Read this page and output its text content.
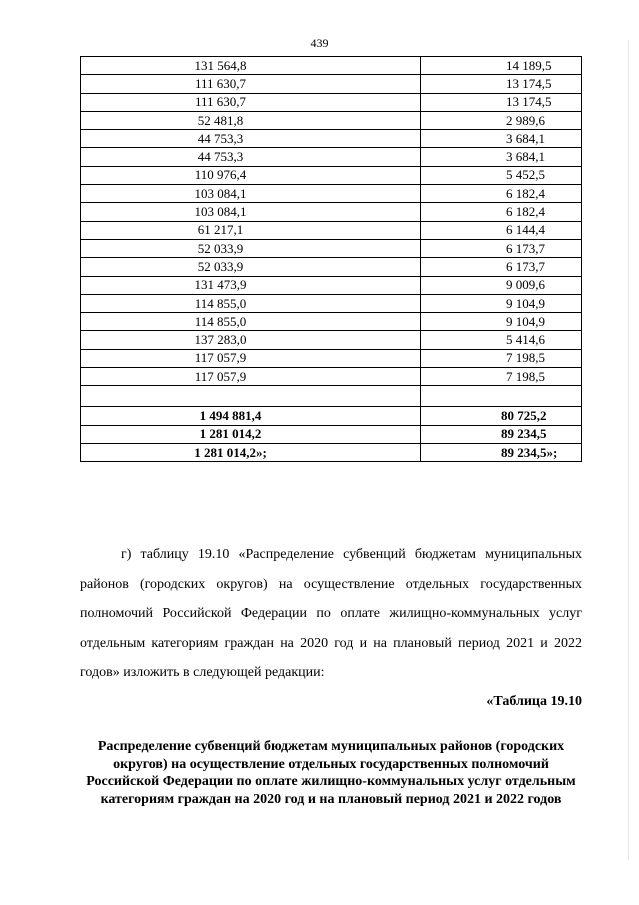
439
131 564,8	14 189,5
111 630,7	13 174,5
111 630,7	13 174,5
52 481,8	2 989,6
44 753,3	3 684,1
44 753,3	3 684,1
110 976,4	5 452,5
103 084,1	6 182,4
103 084,1	6 182,4
61 217,1	6 144,4
52 033,9	6 173,7
52 033,9	6 173,7
131 473,9	9 009,6
114 855,0	9 104,9
114 855,0	9 104,9
137 283,0	5 414,6
117 057,9	7 198,5
117 057,9	7 198,5

1 494 881,4	80 725,2
1 281 014,2	89 234,5
1 281 014,2»;	89 234,5»;
г) таблицу 19.10 «Распределение субвенций бюджетам муниципальных районов (городских округов) на осуществление отдельных государственных полномочий Российской Федерации по оплате жилищно-коммунальных услуг отдельным категориям граждан на 2020 год и на плановый период 2021 и 2022 годов» изложить в следующей редакции:
«Таблица 19.10
Распределение субвенций бюджетам муниципальных районов (городских округов) на осуществление отдельных государственных полномочий Российской Федерации по оплате жилищно-коммунальных услуг отдельным категориям граждан на 2020 год и на плановый период 2021 и 2022 годов
